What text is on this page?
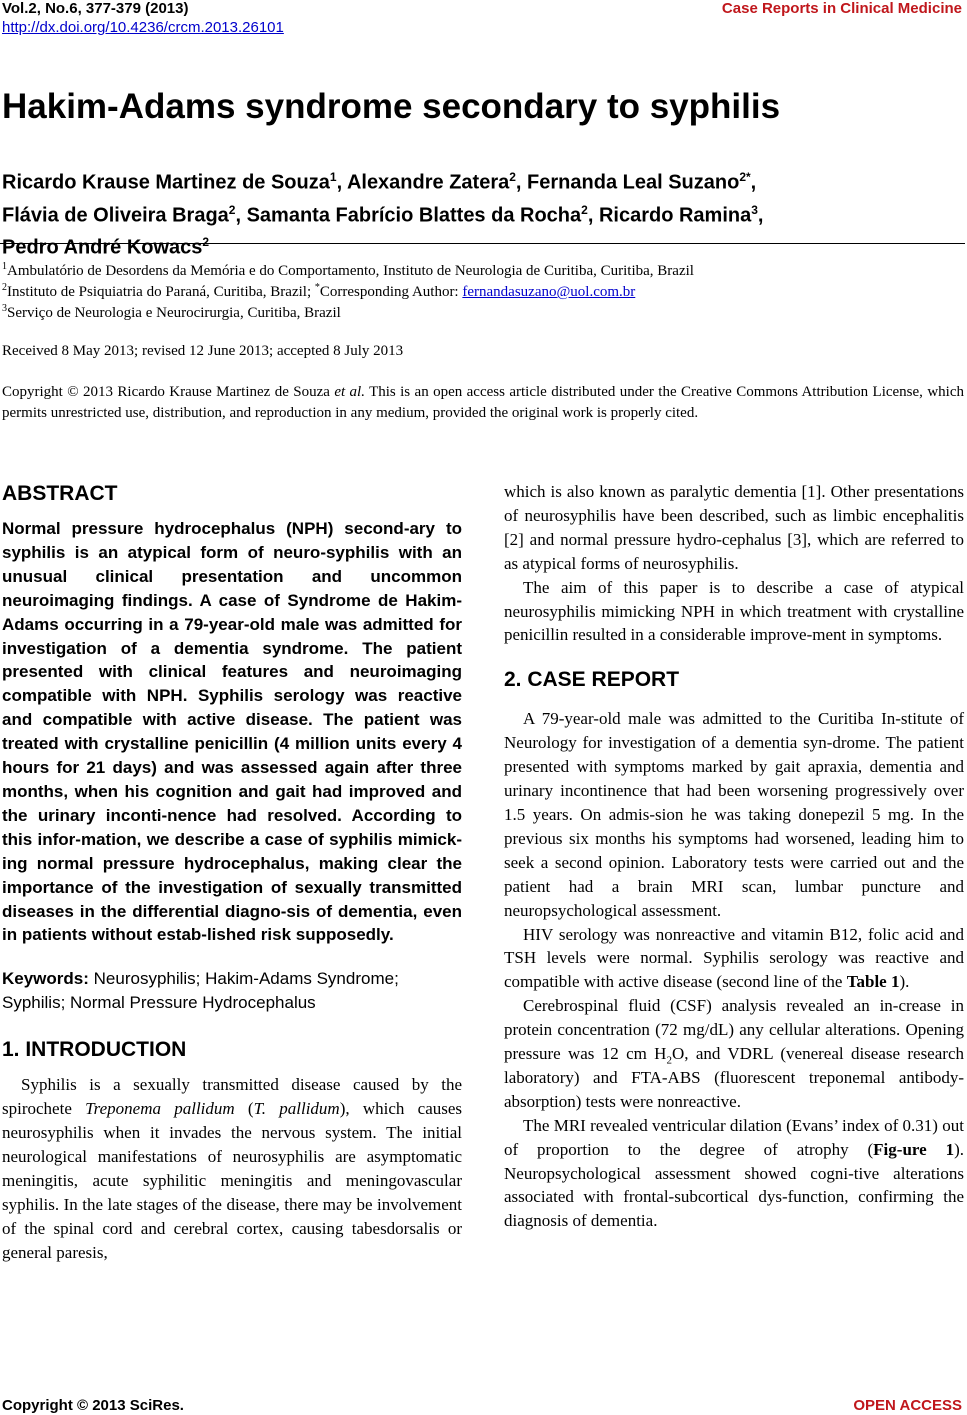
Vol.2, No.6, 377-379 (2013)
http://dx.doi.org/10.4236/crcm.2013.26101
Case Reports in Clinical Medicine
Hakim-Adams syndrome secondary to syphilis
Ricardo Krause Martinez de Souza$^1$, Alexandre Zatera$^2$, Fernanda Leal Suzano$^{2*}$,
Flávia de Oliveira Braga$^2$, Samanta Fabrício Blattes da Rocha$^2$, Ricardo Ramina$^3$,
Pedro André Kowacs$^2$
$^1$Ambulatório de Desordens da Memória e do Comportamento, Instituto de Neurologia de Curitiba, Curitiba, Brazil
$^2$Instituto de Psiquiatria do Paraná, Curitiba, Brazil; *Corresponding Author: fernandasuzano@uol.com.br
$^3$Serviço de Neurologia e Neurocirurgia, Curitiba, Brazil
Received 8 May 2013; revised 12 June 2013; accepted 8 July 2013
Copyright © 2013 Ricardo Krause Martinez de Souza et al. This is an open access article distributed under the Creative Commons Attribution License, which permits unrestricted use, distribution, and reproduction in any medium, provided the original work is properly cited.
ABSTRACT
Normal pressure hydrocephalus (NPH) second-ary to syphilis is an atypical form of neuro-syphilis with an unusual clinical presentation and uncommon neuroimaging findings. A case of Syndrome de Hakim-Adams occurring in a 79-year-old male was admitted for investigation of a dementia syndrome. The patient presented with clinical features and neuroimaging compatible with NPH. Syphilis serology was reactive and compatible with active disease. The patient was treated with crystalline penicillin (4 million units every 4 hours for 21 days) and was assessed again after three months, when his cognition and gait had improved and the urinary inconti-nence had resolved. According to this infor-mation, we describe a case of syphilis mimick-ing normal pressure hydrocephalus, making clear the importance of the investigation of sexually transmitted diseases in the differential diagno-sis of dementia, even in patients without estab-lished risk supposedly.
Keywords: Neurosyphilis; Hakim-Adams Syndrome; Syphilis; Normal Pressure Hydrocephalus
1. INTRODUCTION

Syphilis is a sexually transmitted disease caused by the spirochete Treponema pallidum (T. pallidum), which causes neurosyphilis when it invades the nervous system. The initial neurological manifestations of neurosyphilis are asymptomatic meningitis, acute syphilitic meningitis and meningovascular syphilis. In the late stages of the disease, there may be involvement of the spinal cord and cerebral cortex, causing tabesdorsalis or general paresis,

which is also known as paralytic dementia [1]. Other presentations of neurosyphilis have been described, such as limbic encephalitis [2] and normal pressure hydro-cephalus [3], which are referred to as atypical forms of neurosyphilis.

The aim of this paper is to describe a case of atypical neurosyphilis mimicking NPH in which treatment with crystalline penicillin resulted in a considerable improve-ment in symptoms.

2. CASE REPORT

A 79-year-old male was admitted to the Curitiba In-stitute of Neurology for investigation of a dementia syn-drome. The patient presented with symptoms marked by gait apraxia, dementia and urinary incontinence that had been worsening progressively over 1.5 years. On admis-sion he was taking donepezil 5 mg. In the previous six months his symptoms had worsened, leading him to seek a second opinion. Laboratory tests were carried out and the patient had a brain MRI scan, lumbar puncture and neuropsychological assessment.

HIV serology was nonreactive and vitamin B12, folic acid and TSH levels were normal. Syphilis serology was reactive and compatible with active disease (second line of the Table 1).

Cerebrospinal fluid (CSF) analysis revealed an in-crease in protein concentration (72 mg/dL) any cellular alterations. Opening pressure was 12 cm $H_2O$, and VDRL (venereal disease research laboratory) and FTA-ABS (fluorescent treponemal antibody-absorption) tests were nonreactive.

The MRI revealed ventricular dilation (Evans’ index of 0.31) out of proportion to the degree of atrophy (Fig-ure 1). Neuropsychological assessment showed cogni-tive alterations associated with frontal-subcortical dys-function, confirming the diagnosis of dementia.

Copyright © 2013 SciRes.	OPEN ACCESS
